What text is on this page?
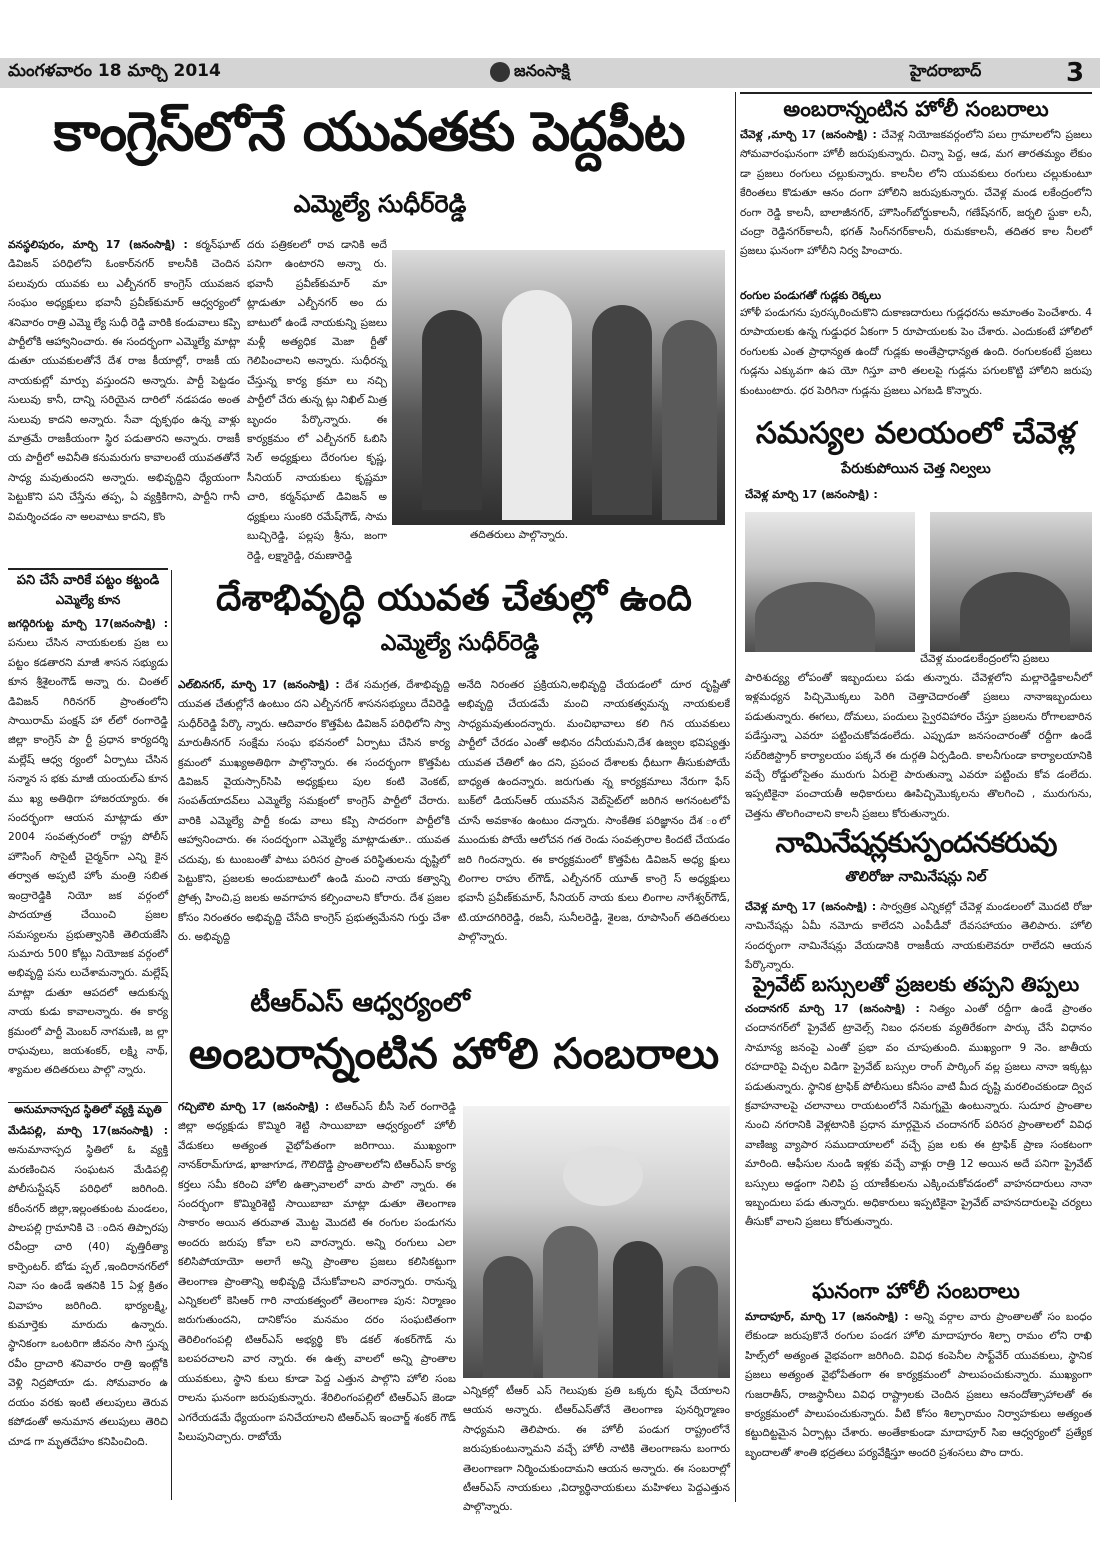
మంగళవారం 18 మార్చి 2014	జనంసాక్షి	హైదరాబాద్	3
కాంగ్రెస్‌లోనే యువతకు పెద్దపీట
ఎమ్మెల్యే సుధీర్‌రెడ్డి
వనస్థలిపురం, మార్చి 17 (జనంసాక్షి) : కర్మన్‌ఘాట్‌ డివిజన్‌ పరిధిలోని ఓంకార్‌నగర్‌ కాలనీకి చెందిన పలువురు యువకు లు ఎల్బీనగర్‌ కాంగ్రెస్‌ యువజన సంఘం అధ్యక్షులు భవానీ ప్రవీణ్‌కుమార్‌ ఆధ్వర్యంలో శనివారం రాత్రి ఎమ్మె ల్యే సుధీ రెడ్డి వారికి కండువాలు కప్పి పార్టీలోకి ఆహ్వానించారు. ఈ సందర్భంగా ఎమ్మెల్యే మాట్లా డుతూ యువకులతోనే దేశ రాజ కీయాల్లో, రాజకీ య నాయకుల్లో మార్పు వస్తుందని అన్నారు. పార్టీ పెట్టడం సులువు కానీ, దాన్ని సరియైన దారిలో నడపడం అంత సులువు కాదని అన్నారు. సేవా దృక్పథం ఉన్న వాళ్లు మాత్రమే రాజకీయంగా స్థిర పడుతారని అన్నారు. రాజకీ య పార్టీలో అవినీతి కనుమరుగు కావాలంటే యువతతోనే సాధ్య మవుతుందని అన్నారు. అభివృద్దిని ధ్యేయంగా పెట్టుకొని పని చేస్తేను తప్ప, ఏ వ్యక్తికిగాని, పార్టీని గానీ విమర్శించడం నా అలవాటు కాదని, కొం
దరు పత్రికలలో రావ డానికి అదే పనిగా ఉంటారని అన్నా రు. భవానీ ప్రవీణ్‌కుమార్‌ మా ట్లాడుతూ ఎల్బీనగర్‌ అం దు బాటులో ఉండే నాయకున్ని ప్రజలు మళ్లీ అత్యధిక మెజా ర్టీతో గెలిపించాలని అన్నారు. సుధీరన్న చేస్తున్న కార్య క్రమా లు నచ్చి పార్టీలో చేరు తున్న ట్లు నిఖిల్‌ మిత్ర బృందం పేర్కొన్నారు. ఈ కార్యక్రమం లో ఎల్బీనగర్‌ ఓబిసి సెల్‌ అధ్యక్షులు దేరంగుల కృష్ణ, సీనియర్‌ నాయకులు కృష్ణమా చారి, కర్మన్‌ఘాట్‌ డివిజన్‌ అ ధ్యక్షులు సుంకరి రమేష్‌గౌడ్‌, సామ బుచ్చిరెడ్డి, పల్లపు శ్రీను, జంగా రెడ్డి, లక్ష్మారెడ్డి, రమణారెడ్డి
తదితరులు పాల్గొన్నారు.
పని చేసే వారికే పట్టం కట్టండి
ఎమ్మెల్యే కూన
జగద్గిరిగుట్ట మార్చి 17(జనంసాక్షి) : పనులు చేసిన నాయకులకు ప్రజ లు పట్టం కడతారని మాజీ శాసన సభ్యుడు కూన శ్రీశైలంగౌడ్‌ అన్నా రు. చింతల్‌ డివిజన్‌ గిరినగర్‌ ప్రాంతంలోని సాయిరామ్‌ పంక్షన్‌ హా ల్‌లో రంగారెడ్డి జిల్లా కాంగ్రెస్‌ పా ర్టీ ప్రధాన కార్యదర్శి మల్లేష్‌ ఆధ్వ ర్యంలో ఏర్పాటు చేసిన సన్మాన స భకు మాజీ యంయల్‌ఎ కూన ము ఖ్య అతిథిగా హాజరయ్యారు. ఈ సందర్భంగా ఆయన మాట్లాడు తూ 2004 సంవత్సరంలో రాష్ట్ర పోలీస్‌ హౌసింగ్‌ సొసైటీ చైర్మన్‌గా ఎన్ని కైన తర్వాత అప్పటి హోం మంత్రి సబిత ఇంద్రారెడ్డికి నియో జక వర్గంలో పాదయాత్ర చేయించి ప్రజల సమస్యలను ప్రభుత్వానికి తెలియజేసి సుమారు 500 కోట్లు నియోజక వర్గంలో అభివృద్ది పను లుచేశామన్నారు. మల్లేష్‌ మాట్లా డుతూ ఆపదలో ఆదుకున్న నాయ కుడు కావాలన్నారు. ఈ కార్య క్రమంలో పార్టీ మెంబర్‌ నాగమణి, జ ల్లా రాఘవులు, జయశంకర్‌, లక్ష్మి నాథ్‌, శ్యామల తదితరులు పాల్గొ న్నారు.
అనుమానాస్పద స్థితిలో వ్యక్తి మృతి
మేడిపల్లి, మార్చి 17(జనంసాక్షి) : అనుమానాస్పద స్థితిలో ఓ వ్యక్తి మరణించిన సంఘటన మేడిపల్లి పోలీసుస్టేషన్‌ పరిధిలో జరిగింది. కరీంనగర్‌ జిల్లా,ఇల్లంతకుంట మండలం, పాలపల్లి గ్రామానికి చె ందిన తిప్పారపు రవీంద్రా చారి (40) వృత్తిరీత్యా కార్పెంటర్‌. బోడు ప్పల్‌ ,ఇందిరానగర్‌లో నివా సం ఉండే ఇతనికి 15 ఏళ్ల క్రితం వివాహం జరిగింది. భార్యలక్ష్మి, కుమార్తెకు మారుదు ఉన్నారు. స్థానికంగా ఒంటరిగా జీవనం సాగి స్తున్న రవీం ద్రాచారి శనివారం రాత్రి ఇంట్లోకి వెళ్లి నిద్రపోయా డు. సోమవారం ఉ దయం వరకు ఇంటి తలుపులు తెరువ కపోడంతో అనుమాన తలుపులు తెరిచి చూడ గా మృతదేహం కనిపించింది.
దేశాభివృద్ధి యువత చేతుల్లో ఉంది
ఎమ్మెల్యే సుధీర్‌రెడ్డి
ఎల్‌బినగర్‌, మార్చి 17 (జనంసాక్షి) : దేశ సమగ్రత, దేశాభివృద్ది యువత చేతుల్లోనే ఉంటుం దని ఎల్బీనగర్‌ శాసనసభ్యులు దేవిరెడ్డి సుధీర్‌రెడ్డి పేర్కొ న్నారు. ఆదివారం కొత్తపేట డివిజన్‌ పరిధిలోని స్వా మారుతీనగర్‌ సంక్షేమ సంఘ భవనంలో ఏర్పాటు చేసిన కార్య క్రమంలో ముఖ్యఅతిథిగా పాల్గొన్నారు. ఈ సందర్భంగా కొత్తపేట డివిజన్‌ వైయస్సార్‌సిపి అధ్యక్షులు పుల కంటి వెంకట్‌, సంపత్‌యాదవ్‌లు ఎమ్మెల్యే సమక్షంలో కాంగ్రెస్‌ పార్టీలో చేరారు. వారికి ఎమ్మెల్యే పార్టీ కండు వాలు కప్పి సాదరంగా పార్టీలోకి ఆహ్వానించారు. ఈ సందర్భంగా ఎమ్మెల్యే మాట్లాడుతూ.. యువత చదువు, కు టుంబంతో పాటు పరిసర ప్రాంత పరిస్థితులను దృష్టిలో పెట్టుకొని, ప్రజలకు అందుబాటులో ఉండి మంచి నాయ కత్వాన్ని ప్రోత్స హించి,ప్ర జలకు అవగాహన కల్పించాలని కోరారు. దేశ ప్రజల కోసం నిరంతరం అభివృద్ది చేసేది కాంగ్రెస్‌ ప్రభుత్వమేనని గుర్తు చేశా రు. అభివృద్ది
అనేది నిరంతర ప్రక్రియని,అభివృద్ది చేయడంలో దూర దృష్టితో అభివృద్ది చేయడమే మంచి నాయకత్వమన్న నాయకులకే సాధ్యమవుతుందన్నారు. మంచిభావాలు కలి గిన యువకులు పార్టీలో చేరడం ఎంతో అభినం దనీయమని,దేశ ఉజ్వల భవిష్యత్తు యువత చేతిలో ఉం దని, ప్రపంచ దేశాలకు ధీటుగా తీసుకుపోయే బాధ్యత ఉందన్నారు. జరుగుతు న్న కార్యక్రమాలు నేరుగా ఫేస్‌ బుక్‌లో డియస్‌ఆర్‌ యువసేన వెబ్‌సైట్‌లో జరిగిన అగనంటలోపే చూసే అవకాశం ఉంటుం దన్నారు. సాంకేతిక పరిజ్ఞానం దేశ ంలో ముందుకు పోయే ఆలోచన గత రెండు సంవత్సరాల కిందటే చేయడం జరి గిందన్నారు. ఈ కార్యక్రమంలో కొత్తపేట డివిజన్‌ అధ్య క్షులు లింగాల రాహు ల్‌గౌడ్‌, ఎల్బీనగర్‌ యూత్‌ కాంగ్రె స్‌ అధ్యక్షులు భవానీ ప్రవీణ్‌కుమార్‌, సీనియర్‌ నాయ కులు లింగాల నాగేశ్వర్‌గౌడ్‌, టి.యాదగిరిరెడ్డి, రజనీ, సునీలరెడ్డి, శైలజ, రూపాసింగ్‌ తదితరులు పాల్గొన్నారు.
టీఆర్‌ఎస్‌ ఆధ్వర్యంలో
అంబరాన్నంటిన హోలి సంబరాలు
గచ్చిబౌలి మార్చి 17 (జనంసాక్షి) : టిఆర్‌ఎస్‌ బీసీ సెల్‌ రంగారెడ్డి జిల్లా అధ్యక్షుడు కొమ్మిరి శెట్టి సాయిబాబా ఆధ్వర్యంలో హోలీ వేడుకలు అత్యంత వైభోపేతంగా జరిగాయి. ముఖ్యంగా నానక్‌రామ్‌గూడ, ఖాజాగూడ, గౌలిదొడ్డి ప్రాంతాలలోని టిఆర్‌ఎస్‌ కార్య కర్తలు సమీ కరించి హోలి ఉత్సావాలలో వారు పాలొ న్నారు. ఈ సందర్భంగా కొమ్మిరిశెట్టి సాయిబాబా మాట్లా డుతూ తెలంగాణ సాకారం అయిన తరువాత మొట్ట మొదటి ఈ రంగుల పండుగను అందరు జరుపు కోవా లని వారన్నారు. అన్ని రంగులు ఎలా కలిసిపోయాయో అలాగే అన్ని ప్రాంతాల ప్రజలు కలిసికట్టుగా తెలంగాణ ప్రాంతాన్ని అభివృద్ది చేసుకోవాలని వారన్నారు. రానున్న ఎన్నికలలో కెసిఆర్‌ గారి నాయకత్వంలో తెలంగాణ పున: నిర్మాణం జరుగుతుందని, దానికోసం మనమం దరం సంఘటితంగా తెరిలింగంపల్లి టిఆర్‌ఎస్‌ అభ్యర్థి కొం డకల్‌ శంకర్‌గౌడ్‌ ను బలపరచాలని వార న్నారు. ఈ ఉత్స వాలలో అన్ని ప్రాంతాల యువకులు, స్థాని కులు కూడా పెద్ద ఎత్తున పాల్గొని హోలి సంబ రాలను ఘనంగా జరుపుకున్నారు. శేరిలింగంపల్లిలో టిఆర్‌ఎస్‌ జెండా ఎగరేయడమే ధ్యేయంగా పనిచేయాలని టిఆర్‌ఎస్‌ ఇంచార్జ్‌ శంకర్‌ గౌడ్‌ పిలుపునిచ్చారు. రాబోయే
ఎన్నికల్లో టీఆర్‌ ఎస్‌ గెలుపుకు ప్రతి ఒక్కరు కృషి చేయాలని ఆయన అన్నారు. టీఆర్‌ఎస్‌తోనే తెలంగాణ పునర్నిర్మాణం సాధ్యమని తెలిపారు. ఈ హోలీ పండుగ రాష్ట్రంలోనే జరుపుకుంటున్నామని వచ్చే హోలీ నాటికి తెలంగాణను బంగారు తెలంగాణగా నిర్మించుకుందామని ఆయన అన్నారు. ఈ సంబరాల్లో టీఆర్‌ఎస్‌ నాయకులు ,విద్యార్థినాయకులు మహిళలు పెద్దఎత్తున పాల్గొన్నారు.
అంబరాన్నంటిన హోలీ సంబరాలు
చేవెళ్ల ,మార్చి 17 (జనంసాక్షి) : చేవెళ్ల నియోజకవర్గంలోని పలు గ్రామాలలోని ప్రజలు సోమవారంఘనంగా హోలీ జరుపుకున్నారు. చిన్నా పెద్ద, ఆడ, మగ తారతమ్యం లేకుం డా ప్రజలు రంగులు చల్లుకున్నారు. కాలనీల లోని యువకులు రంగులు చల్లుకుంటూ కేరింతలు కొడుతూ ఆనం దంగా హోలిని జరుపుకున్నారు. చేవెళ్ల మండ లకేంద్రంలోని రంగా రెడ్డి కాలనీ, బాలాజీనగర్‌, హౌసింగ్‌బోర్డుకాలనీ, గణేష్‌నగర్‌, జర్నలి స్టుకా లనీ, చంద్రా రెడ్డినగర్‌కాలనీ, భగత్‌ సింగ్‌నగర్‌కాలనీ, రుమకకాలనీ, తదితర కాల నీలలో ప్రజలు ఘనంగా హోలీని నిర్వ హించారు.
రంగుల పండుగతో గుడ్లకు రెక్కలు
హోళీ పండుగను పురస్కరించుకొని దుకాణదారులు గుడ్లధరను అమాంతం పెంచేశారు. 4 రూపాయలకు ఉన్న గుడ్డుధర ఏకంగా 5 రూపాయలకు పెం చేశారు. ఎందుకంటే హోలిలో రంగులకు ఎంత ప్రాధాన్యత ఉందో గుడ్లకు అంతేప్రాధాన్యత ఉంది. రంగులకంటే ప్రజలు గుడ్లను ఎక్కువగా ఉప యో గిస్తూ వారి తలలపై గుడ్లను పగులకొట్టి హోలిని జరుపు కుంటుంటారు. ధర పెరిగినా గుడ్లను ప్రజలు ఎగబడి కొన్నారు.
సమస్యల వలయంలో చేవెళ్ల
పేరుకుపోయిన చెత్త నిల్వలు
చేవెళ్ల మార్చి 17 (జనంసాక్షి) :
చేవెళ్ల మండలకేంద్రంలోని ప్రజలు
పారిశుద్య్య లోపంతో ఇబ్బందులు పడు తున్నారు. చేవెళ్లలోని మల్లారెడ్డికాలనీలో ఇళ్లమధ్యన పిచ్చిమొక్కలు పెరిగి చెత్తాచెదారంతో ప్రజలు నానాఇబ్బందులు పడుతున్నారు. ఈగలు, దోమలు, పందులు స్వైరవిహారం చేస్తూ ప్రజలను రోగాలబారిన పడేస్తున్నా ఎవరూ పట్టించుకోవడంలేదు. ఎప్పుడూ జనసంచారంతో రద్దీగా ఉండే సబ్‌రిజిస్ట్రార్‌ కార్యాలయం పక్కనే ఈ దుర్గతి ఏర్పడింది. కాలనీగుండా కార్యాలయానికి వచ్చే రోడ్డులోసైతం మురుగు ఏరులై పారుతున్నా ఎవరూ పట్టించు కోవ డంలేదు. ఇప్పటికైనా పంచాయతీ అధికారులు ఊపిచ్చిమొక్కలను తొలగించి , మురుగును, చెత్తను తొలగించాలని కాలనీ ప్రజలు కోరుతున్నారు.
నామినేషన్లకుస్పందనకరువు
తొలిరోజు నామినేషన్లు నిల్‌
చేవెళ్ల మార్చి 17 (జనంసాక్షి) : సార్వత్రిక ఎన్నికల్లో చేవెళ్ల మండలంలో మొదటి రోజు నామినేషన్లు ఏమీ నమోదు కాలేదని ఎంపీడీవో దేవసహాయం తెలిపారు. హోలి సందర్భంగా నామినేషన్లు వేయడానికి రాజకీయ నాయకులెవరూ రాలేదని ఆయన పేర్కొన్నారు.
ప్రైవేట్‌ బస్సులతో ప్రజలకు తప్పని తిప్పలు
చందానగర్‌ మార్చి 17 (జనంసాక్షి) : నిత్యం ఎంతో రద్దీగా ఉండే ప్రాంతం చందానగర్‌లో ప్రైవేట్‌ ట్రావెల్స్‌ నిబం ధనలకు వ్యతిరేకంగా పార్కు చేసే విధానం సామాన్య జనంపై ఎంతో ప్రభా వం చూపుతుంది. ముఖ్యంగా 9 నెం. జాతీయ రహదారిపై విచ్చల విడిగా ప్రైవేట్‌ బస్సుల రాంగ్‌ పార్కింగ్‌ వల్ల ప్రజలు నానా ఇక్కట్లు పడుతున్నారు. స్థానిక ట్రాఫిక్‌ పోలీసులు కనీసం వాటి మీద దృష్టి మరలించకుండా ద్విచ క్రవాహనాలపై చలానాలు రాయటంలోనే నిమగ్నమై ఉంటున్నారు. సుదూర ప్రాంతాల నుంచి నగరానికి వెళ్లటానికి ప్రధాన మార్గమైన చందానగర్‌ పరిసర ప్రాంతాలలో వివిధ వాణిజ్య వ్యాపార సముదాయాలలో వచ్చే ప్రజ లకు ఈ ట్రాఫిక్‌ ప్రాణ సంకటంగా మారింది. ఆఫీసుల నుండి ఇళ్లకు వచ్చే వాళ్లు రాత్రి 12 అయిన అదే పనిగా ప్రైవేట్‌ బస్సులు అడ్డంగా నిలిపి ప్ర యాణీకులను ఎక్కించుకోవడంలో వాహనదారులు నానా ఇబ్బందులు పడు తున్నారు. అధికారులు ఇప్పటికైనా ప్రైవేట్‌ వాహనదారులపై చర్యలు తీసుకో వాలని ప్రజలు కోరుతున్నారు.
ఘనంగా హోలీ సంబరాలు
మాదాపూర్‌, మార్చి 17 (జనంసాక్షి) : అన్ని వర్గాల వారు ప్రాంతాలతో సం బంధం లేకుండా జరుపుకొనే రంగుల పండగ హోలి మాదాపూరం శిల్పా రామం లోని రాఖి హిల్స్‌లో అత్యంత వైభవంగా జరిగింది. వివిధ కంపెనీల సాఫ్ట్‌వేర్‌ యువకులు, స్థానిక ప్రజలు అత్యంత వైభోపేతంగా ఈ కార్యక్రమంలో పాలుపంచుకున్నారు. ముఖ్యంగా గుజరాతీస్‌, రాజస్థానీలు వివిధ రాష్ట్రాలకు చెందిన ప్రజలు ఆనందోత్సాహాలతో ఈ కార్యక్రమంలో పాలుపంచుకున్నారు. వీటి కోసం శిల్పారామం నిర్వాహకులు అత్యంత కట్టుదిట్టమైన ఏర్పాట్లు చేశారు. అంతేకాకుండా మాదాపూర్‌ సిఐ ఆధ్వర్యంలో ప్రత్యేక బృందాలతో శాంతి భద్రతలు పర్యవేక్షిస్తూ అందరి ప్రశంసలు పొం దారు.
